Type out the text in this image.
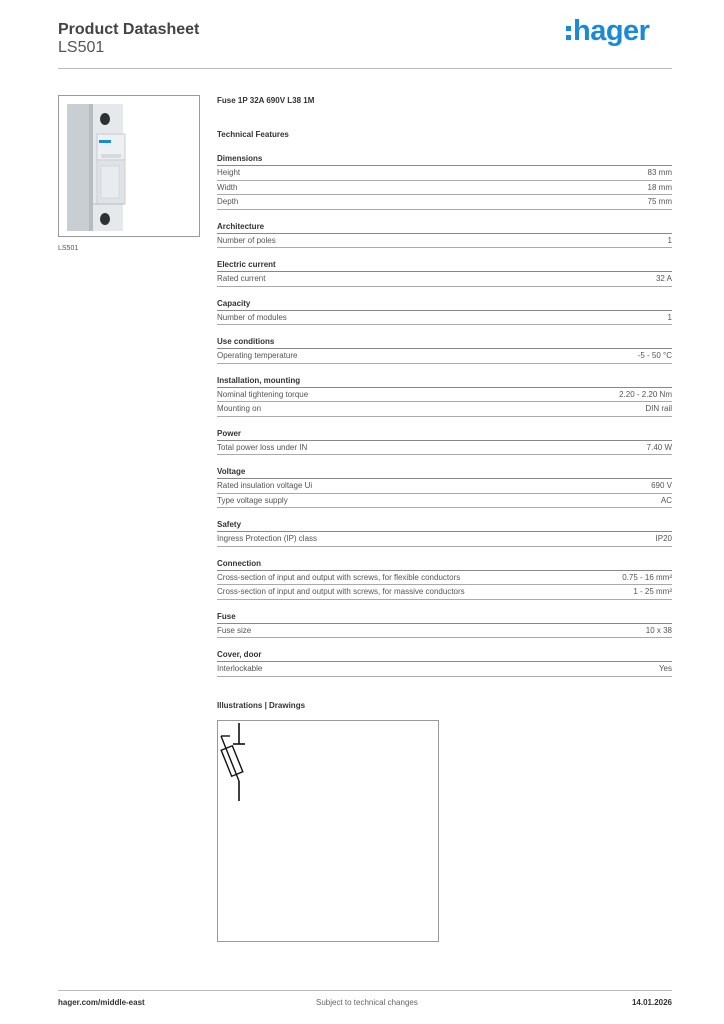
Product Datasheet
LS501
hager
LS501
Fuse 1P 32A 690V L38 1M
Technical Features
Dimensions
Height	83 mm
Width	18 mm
Depth	75 mm
Architecture
Number of poles	1
Electric current
Rated current	32 A
Capacity
Number of modules	1
Use conditions
Operating temperature	-5 - 50 °C
Installation, mounting
Nominal tightening torque	2.20 - 2.20 Nm
Mounting on	DIN rail
Power
Total power loss under IN	7.40 W
Voltage
Rated insulation voltage Ui	690 V
Type voltage supply	AC
Safety
Ingress Protection (IP) class	IP20
Connection
Cross-section of input and output with screws, for flexible conductors	0.75 - 16 mm²
Cross-section of input and output with screws, for massive conductors	1 - 25 mm²
Fuse
Fuse size	10 x 38
Cover, door
Interlockable	Yes
Illustrations | Drawings
hager.com/middle-east	Subject to technical changes	14.01.2026
